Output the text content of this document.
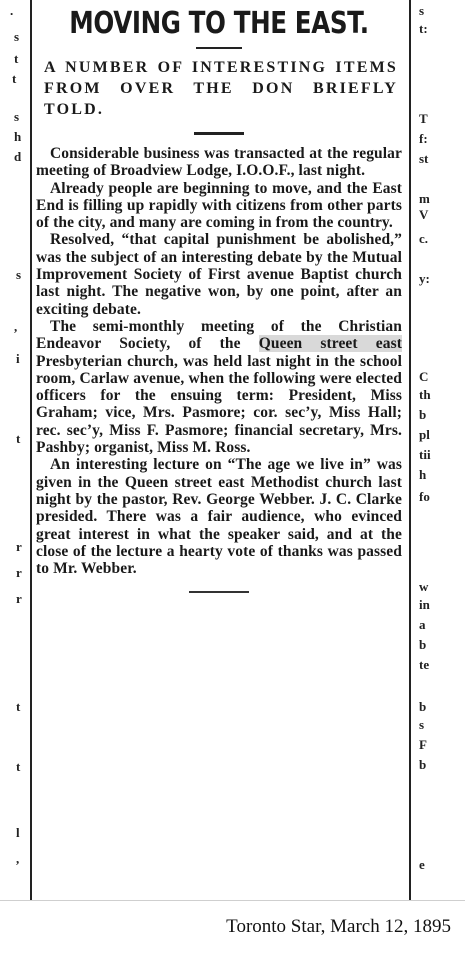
.
s
t
t
s
h
d
s
,
i
t
r
r
r
t
t
l
,
s
t:
T
f:
st
m
V
c.
y:
C
th
b
pl
tii
h
fo
w
in
a
b
te
b
s
F
b
e
MOVING TO THE EAST.
A NUMBER OF INTERESTING ITEMS FROM OVER THE DON BRIEFLY TOLD.

Considerable business was transacted at the regular meeting of Broadview Lodge, I.O.O.F., last night.

Already people are beginning to move, and the East End is filling up rapidly with citizens from other parts of the city, and many are coming in from the country.

Resolved, “that capital punishment be abolished,” was the subject of an interesting debate by the Mutual Improvement Society of First avenue Baptist church last night. The negative won, by one point, after an exciting debate.

The semi-monthly meeting of the Christian Endeavor Society, of the Queen street east Presbyterian church, was held last night in the school room, Carlaw avenue, when the following were elected officers for the ensuing term: President, Miss Graham; vice, Mrs. Pasmore; cor. sec’y, Miss Hall; rec. sec’y, Miss F. Pasmore; financial secretary, Mrs. Pashby; organist, Miss M. Ross.

An interesting lecture on “The age we live in” was given in the Queen street east Methodist church last night by the pastor, Rev. George Webber. J. C. Clarke presided. There was a fair audience, who evinced great interest in what the speaker said, and at the close of the lecture a hearty vote of thanks was passed to Mr. Webber.

Toronto Star, March 12, 1895
